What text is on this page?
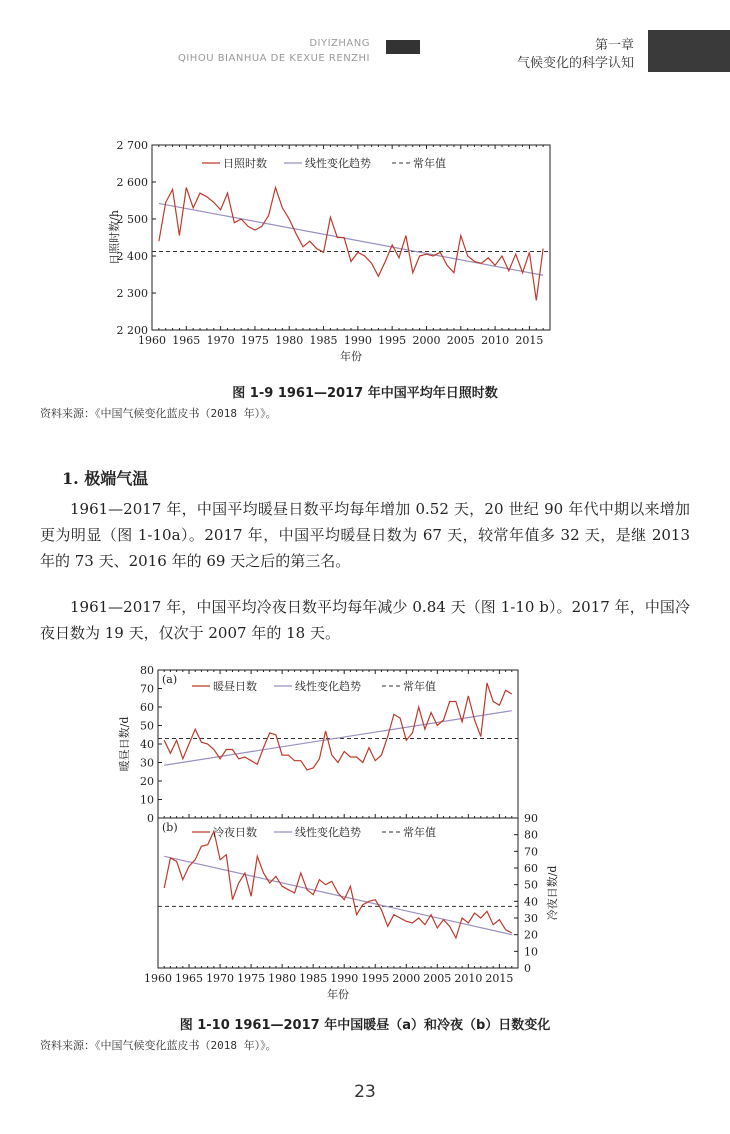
DIYIZHANG
QIHOU BIANHUA DE KEXUE RENZHI
第一章
气候变化的科学认知
2 200
2 300
2 400
2 500
2 600
2 700
1960 1965 1970 1975 1980 1985 1990 1995 2000 2005 2010 2015
年份
日照时数/h
日照时数	线性变化趋势	常年值
图 1-9 1961—2017 年中国平均年日照时数
资料来源：《中国气候变化蓝皮书（2018 年）》。
1. 极端气温
1961—2017 年，中国平均暖昼日数平均每年增加 0.52 天，20 世纪 90 年代中期以来增加更为明显（图 1-10a）。2017 年，中国平均暖昼日数为 67 天，较常年值多 32 天，是继 2013 年的 73 天、2016 年的 69 天之后的第三名。
1961—2017 年，中国平均冷夜日数平均每年减少 0.84 天（图 1-10 b）。2017 年，中国冷夜日数为 19 天，仅次于 2007 年的 18 天。
0
10
20
30
40
50
60
70
80
暖昼日数/d
暖昼日数	线性变化趋势	常年值
(a)
0
10
20
30
40
50
60
70
80
90
1960 1965 1970 1975 1980 1985 1990 1995 2000 2005 2010 2015
年份
冷夜日数/d
冷夜日数	线性变化趋势	常年值
(b)
图 1-10 1961—2017 年中国暖昼（a）和冷夜（b）日数变化
资料来源：《中国气候变化蓝皮书（2018 年）》。
23
